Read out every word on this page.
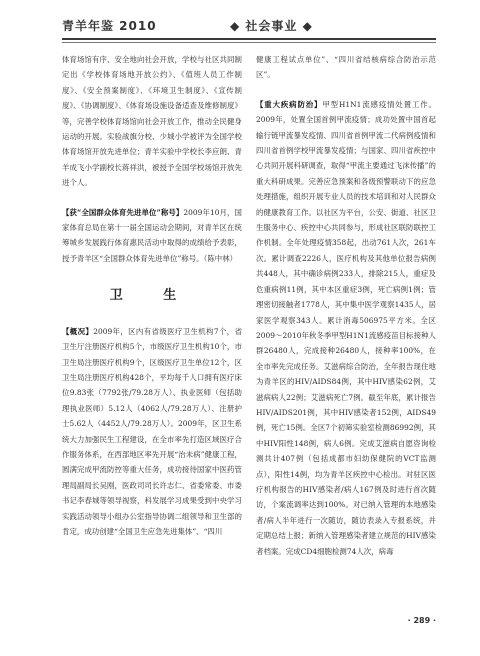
青羊年鉴 2010	◆ 社会事业 ◆

体育场馆有序、安全地向社会开放，学校与社区共同制定出《学校体育场地开放公约》、《值班人员工作制度》、《安全预案制度》、《环境卫生制度》、《宣传制度》、《协调制度》、《体育场设施设备适查及维修制度》等，完善学校体育场馆向社会开放工作，推动全民健身运动的开展。实验战旗分校、少城小学被评为全国学校体育场馆开放先进单位；青羊实验中学校长李应朗、青羊成飞小学副校长蒋祥洪，被授予全国学校场馆开放先进个人。

【获“全国群众体育先进单位”称号】2009年10月，国家体育总局在第十一届全国运动会期间，对青羊区在统筹城乡发展践行体育惠民活动中取得的成绩给予表彰，授予青羊区“全国群众体育先进单位”称号。（陈中林）

卫 生

【概况】2009年，区内有省级医疗卫生机构7个，省卫生厅注册医疗机构5个，市级医疗卫生机构10个，市卫生局注册医疗机构9个，区级医疗卫生单位12个，区卫生局注册医疗机构428个，平均每千人口拥有医疗床位9.83张（7792张/79.28万人）、执业医师（包括助理执业医师）5.12人（4062人/79.28万人）、注册护士5.62人（4452人/79.28万人）。2009年，区卫生系统大力加强民生工程建设，在全市率先打造区域医疗合作服务体系，在西部地区率先开展“治未病”健康工程，圆满完成甲流防控等重大任务，成功接待国家中医药管理局副局长吴刚，医政司司长许志仁、省委常委、市委书记李春城等领导视察，科发展学习成果受到中央学习实践活动领导小组办公室指导协调二组领导和卫生部的肯定，成功创建“全国卫生应急先进集体”、“四川

健康工程试点单位”、“四川省结核病综合防治示范区”。

【重大疾病防治】甲型H1N1流感疫情处置工作。2009年，处置全国首例甲流疫情；成功处置中国首起输行链甲流暴发疫情、四川省首例甲流二代病例疫情和四川省首例学校甲流暴发疫情；与国家、四川省疾控中心共同开展科研调查，取得“甲流主要通过飞沫传播”的重大科研成果。完善应急预案和各级预警联动下的应急处理措施，组织开展专业人员的技术培训和对人民群众的健康教育工作。以社区为平台，公安、街道、社区卫生服务中心、疾控中心共同参与，形成社区联防联控工作机制。全年处理疫情358起，出动761人次，261车次。累计调查2226人，医疗机构及其他单位报告病例共448人，其中确诊病例233人，排除215人，重症及危重病例11例，其中本区重症3例，死亡病例1例；管理密切接触者1778人，其中集中医学观察1435人，居家医学观察343人。累计消毒506975平方米。全区2009～2010年秋冬季甲型H1N1流感疫苗目标接种人群26480人，完成接种26480人，接种率100%，在全市率先完成任务。艾滋病综合防治，全年报告现住地为青羊区的HIV/AIDS84例，其中HIV感染62例，艾滋病病人22例；艾滋病死亡7例。截至年底，累计报告HIV/AIDS201例，其中HIV感染者152例，AIDS49例，死亡15例。全区7个初筛实验室检测86992例，其中HIV阳性148例，病人6例。完成艾滋病自愿咨询检测共计407例（包括成都市妇幼保健院的VCT监测点），阳性14例，均为青羊区疾控中心检出。对驻区医疗机构报告的HIV感染者/病人167例及时进行首次随访，个案流调率达到100%。对已纳入管理的本地感染者/病人半年进行一次随访，随访表录入专报系统，并定期总结上报；新纳入管理感染者建立规范的HIV感染者档案。完成CD4细胞检测74人次，病毒

· 289 ·
